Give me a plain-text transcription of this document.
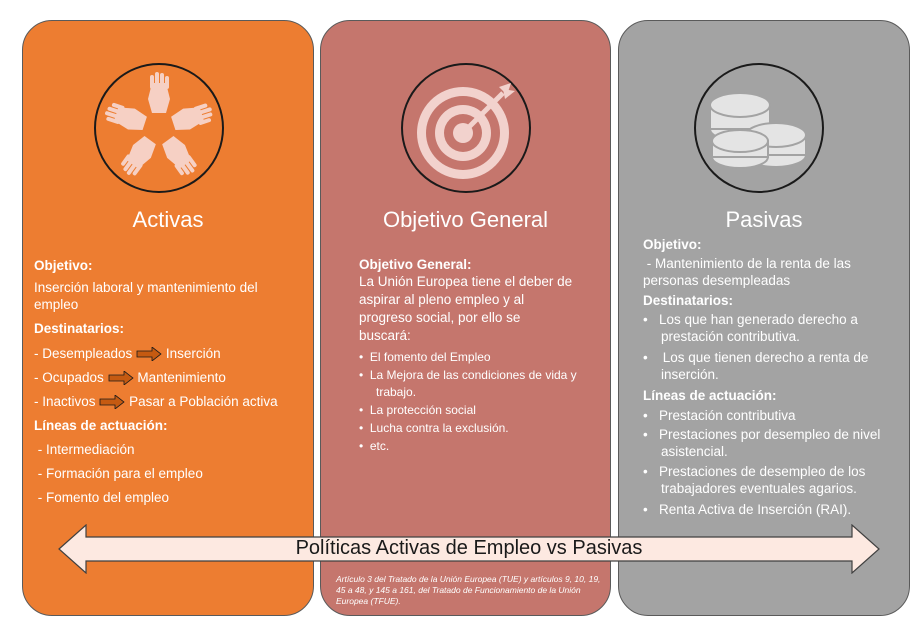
Activas
Objetivo:
Inserción laboral y mantenimiento del empleo
Destinatarios:
- Desempleados Inserción
- Ocupados Mantenimiento
- Inactivos Pasar a Población activa
Líneas de actuación:
- Intermediación
- Formación para el empleo
- Fomento del empleo
Objetivo General
Objetivo General:
La Unión Europea tiene el deber de aspirar al pleno empleo y al progreso social, por ello se buscará:
•  El fomento del Empleo
•  La Mejora de las condiciones de vida y trabajo.
•  La protección social
•  Lucha contra la exclusión.
•  etc.
Pasivas
Objetivo:
- Mantenimiento de la renta de las personas desempleadas
Destinatarios:
•   Los que han generado derecho a prestación contributiva.
•    Los que tienen derecho a renta de inserción.
Líneas de actuación:
•   Prestación contributiva
•   Prestaciones por desempleo de nivel asistencial.
•   Prestaciones de desempleo de los trabajadores eventuales agarios.
•   Renta Activa de Inserción (RAI).
Políticas Activas de Empleo vs Pasivas
Artículo 3 del Tratado de la Unión Europea (TUE) y artículos 9, 10, 19, 45 a 48, y 145 a 161, del Tratado de Funcionamiento de la Unión Europea (TFUE).
